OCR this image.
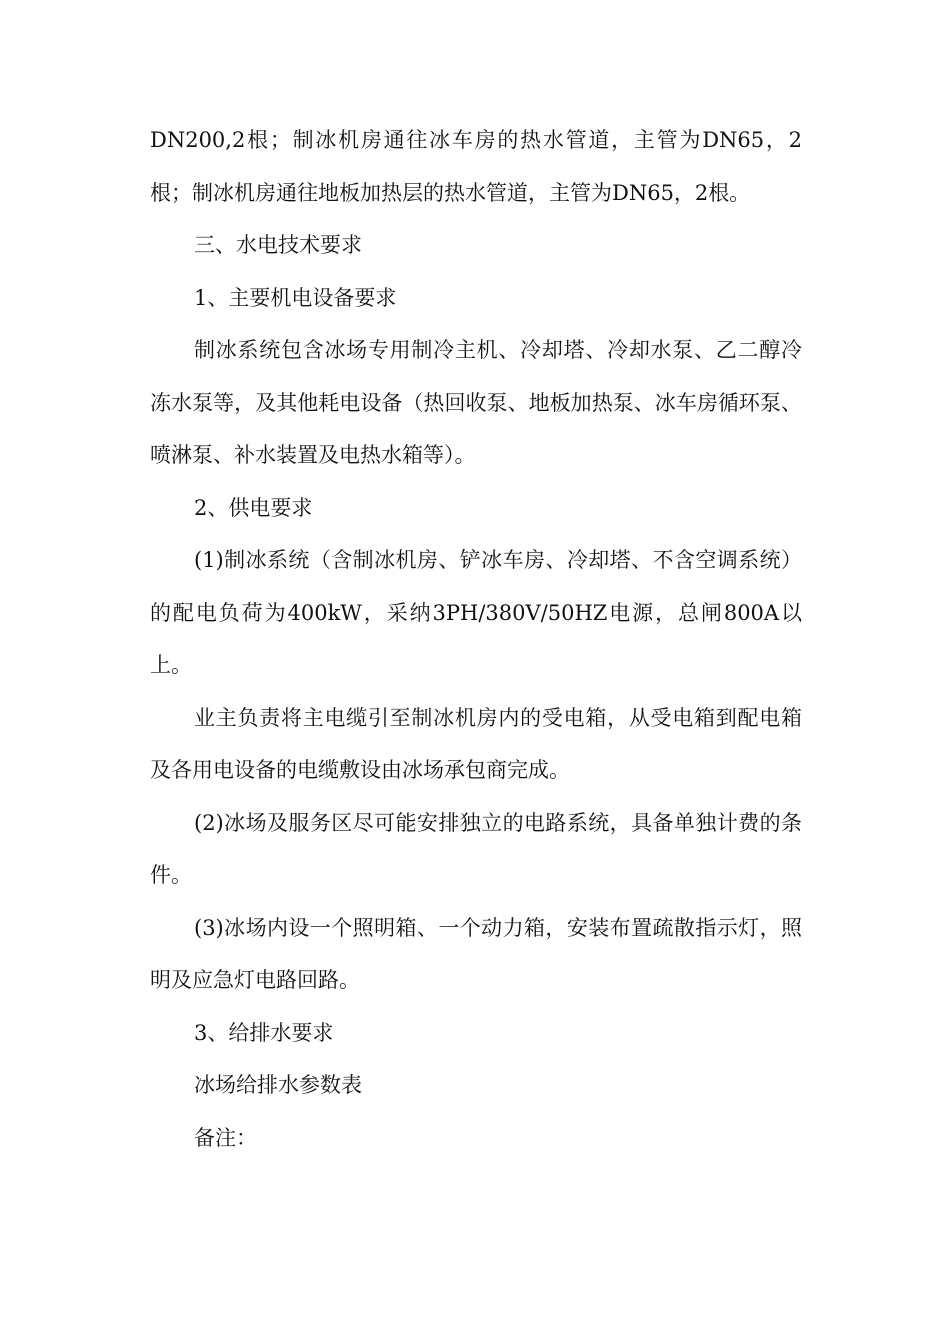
DN200,2根；制冰机房通往冰车房的热水管道，主管为DN65，2根；制冰机房通往地板加热层的热水管道，主管为DN65，2根。

三、水电技术要求

1、主要机电设备要求

制冰系统包含冰场专用制冷主机、冷却塔、冷却水泵、乙二醇冷冻水泵等，及其他耗电设备（热回收泵、地板加热泵、冰车房循环泵、喷淋泵、补水装置及电热水箱等）。

2、供电要求

(1)制冰系统（含制冰机房、铲冰车房、冷却塔、不含空调系统）的配电负荷为400kW，采纳3PH/380V/50HZ电源，总闸800A以上。

业主负责将主电缆引至制冰机房内的受电箱，从受电箱到配电箱及各用电设备的电缆敷设由冰场承包商完成。

(2)冰场及服务区尽可能安排独立的电路系统，具备单独计费的条件。

(3)冰场内设一个照明箱、一个动力箱，安装布置疏散指示灯，照明及应急灯电路回路。

3、给排水要求

冰场给排水参数表

备注：
